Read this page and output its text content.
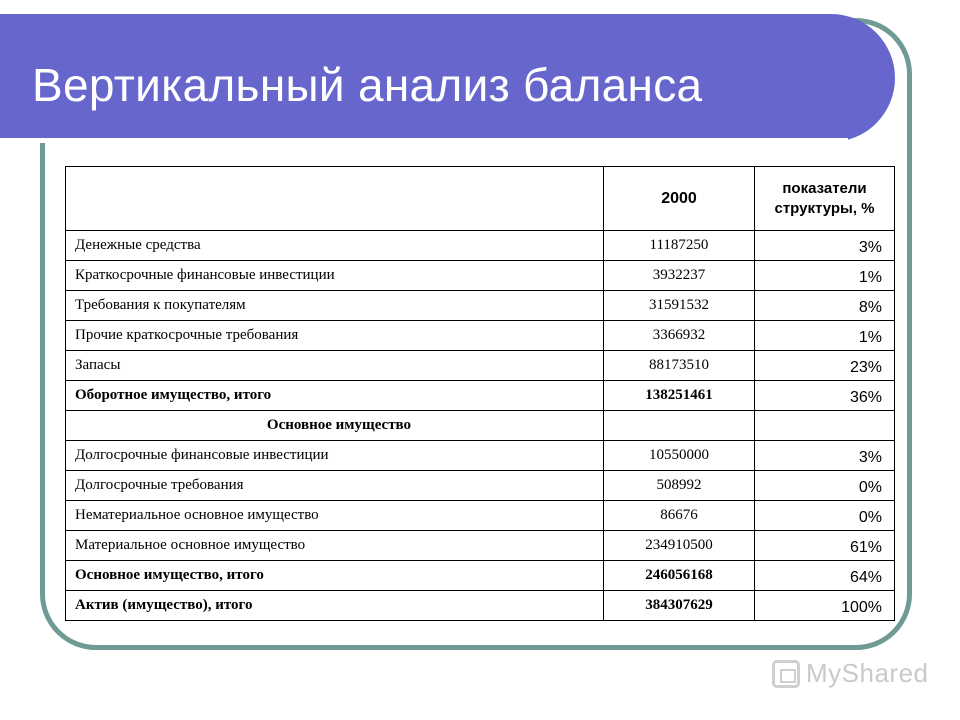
Вертикальный анализ баланса
	2000	показатели структуры, %
Денежные средства	11187250	3%
Краткосрочные финансовые инвестиции	3932237	1%
Требования к покупателям	31591532	8%
Прочие краткосрочные требования	3366932	1%
Запасы	88173510	23%
Оборотное имущество, итого	138251461	36%
Основное имущество		
Долгосрочные финансовые инвестиции	10550000	3%
Долгосрочные требования	508992	0%
Нематериальное основное имущество	86676	0%
Материальное основное имущество	234910500	61%
Основное имущество, итого	246056168	64%
Актив (имущество), итого	384307629	100%
MyShared
